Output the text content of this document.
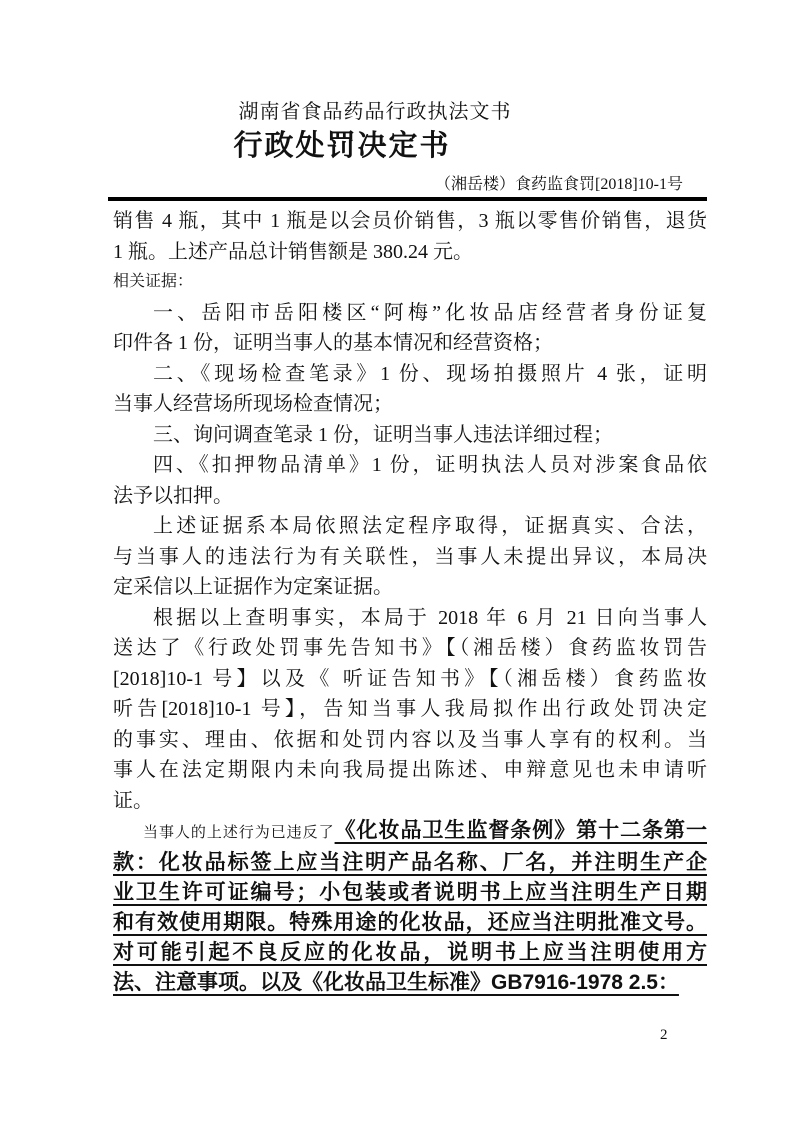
湖南省食品药品行政执法文书
行政处罚决定书
（湘岳楼）食药监食罚[2018]10-1号
销售 4 瓶，其中 1 瓶是以会员价销售，3 瓶以零售价销售，退货
1 瓶。上述产品总计销售额是 380.24 元。
相关证据：
一、岳阳市岳阳楼区“阿梅”化妆品店经营者身份证复
印件各 1 份，证明当事人的基本情况和经营资格；
二、《现场检查笔录》1 份、现场拍摄照片 4 张，证明
当事人经营场所现场检查情况；
三、询问调查笔录 1 份，证明当事人违法详细过程；
四、《扣押物品清单》1 份，证明执法人员对涉案食品依
法予以扣押。
上述证据系本局依照法定程序取得，证据真实、合法，
与当事人的违法行为有关联性，当事人未提出异议，本局决
定采信以上证据作为定案证据。
根据以上查明事实，本局于 2018 年 6 月 21 日向当事人
送达了《行政处罚事先告知书》【（湘岳楼）食药监妆罚告
[2018]10-1 号】以及《 听证告知书》【（湘岳楼）食药监妆
听告[2018]10-1 号】，告知当事人我局拟作出行政处罚决定
的事实、理由、依据和处罚内容以及当事人享有的权利。当
事人在法定期限内未向我局提出陈述、申辩意见也未申请听
证。
当事人的上述行为已违反了《化妆品卫生监督条例》第十二条第一
款：化妆品标签上应当注明产品名称、厂名，并注明生产企
业卫生许可证编号；小包装或者说明书上应当注明生产日期
和有效使用期限。特殊用途的化妆品，还应当注明批准文号。
对可能引起不良反应的化妆品，说明书上应当注明使用方
法、注意事项。以及《化妆品卫生标准》GB7916-1978 2.5：
2
